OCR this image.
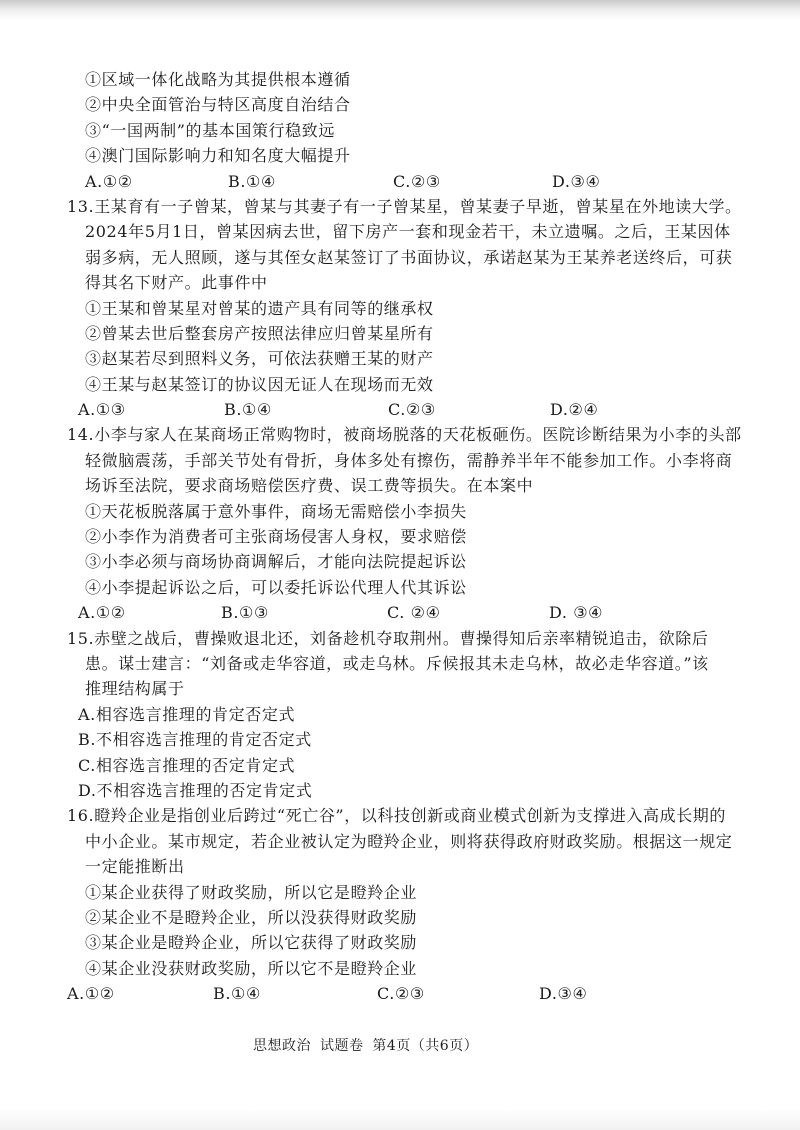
①区域一体化战略为其提供根本遵循
②中央全面管治与特区高度自治结合
③“一国两制”的基本国策行稳致远
④澳门国际影响力和知名度大幅提升
A.①②	B.①④	C.②③	D.③④
13.王某育有一子曾某，曾某与其妻子有一子曾某星，曾某妻子早逝，曾某星在外地读大学。
2024年5月1日，曾某因病去世，留下房产一套和现金若干，未立遗嘱。之后，王某因体
弱多病，无人照顾，遂与其侄女赵某签订了书面协议，承诺赵某为王某养老送终后，可获
得其名下财产。此事件中
①王某和曾某星对曾某的遗产具有同等的继承权
②曾某去世后整套房产按照法律应归曾某星所有
③赵某若尽到照料义务，可依法获赠王某的财产
④王某与赵某签订的协议因无证人在现场而无效
A.①③	B.①④	C.②③	D.②④
14.小李与家人在某商场正常购物时，被商场脱落的天花板砸伤。医院诊断结果为小李的头部
轻微脑震荡，手部关节处有骨折，身体多处有擦伤，需静养半年不能参加工作。小李将商
场诉至法院，要求商场赔偿医疗费、误工费等损失。在本案中
①天花板脱落属于意外事件，商场无需赔偿小李损失
②小李作为消费者可主张商场侵害人身权，要求赔偿
③小李必须与商场协商调解后，才能向法院提起诉讼
④小李提起诉讼之后，可以委托诉讼代理人代其诉讼
A.①②	B.①③	C. ②④	D. ③④
15.赤壁之战后，曹操败退北还，刘备趁机夺取荆州。曹操得知后亲率精锐追击，欲除后
患。谋士建言：“刘备或走华容道，或走乌林。斥候报其未走乌林，故必走华容道。”该
推理结构属于
A.相容选言推理的肯定否定式
B.不相容选言推理的肯定否定式
C.相容选言推理的否定肯定式
D.不相容选言推理的否定肯定式
16.瞪羚企业是指创业后跨过“死亡谷”，以科技创新或商业模式创新为支撑进入高成长期的
中小企业。某市规定，若企业被认定为瞪羚企业，则将获得政府财政奖励。根据这一规定
一定能推断出
①某企业获得了财政奖励，所以它是瞪羚企业
②某企业不是瞪羚企业，所以没获得财政奖励
③某企业是瞪羚企业，所以它获得了财政奖励
④某企业没获财政奖励，所以它不是瞪羚企业
A.①②	B.①④	C.②③	D.③④
思想政治 试题卷 第4页（共6页）
